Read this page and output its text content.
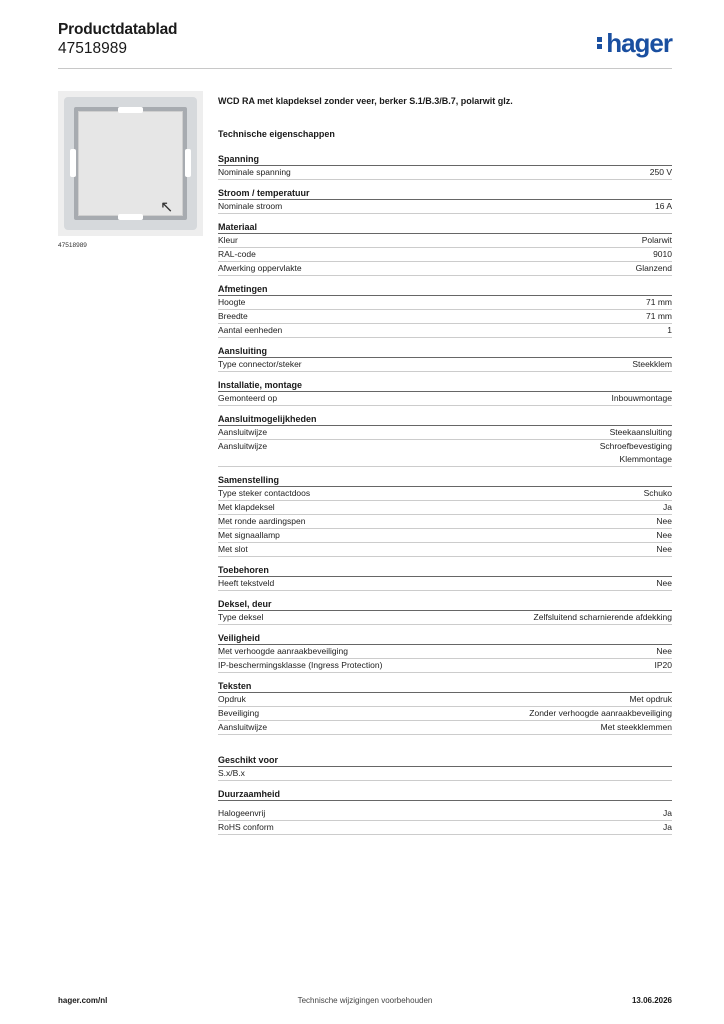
Productdatablad
47518989	hager
↖
47518989
WCD RA met klapdeksel zonder veer, berker S.1/B.3/B.7, polarwit glz.
Technische eigenschappen
Spanning
Nominale spanning	250 V
Stroom / temperatuur
Nominale stroom	16 A
Materiaal
Kleur	Polarwit
RAL-code	9010
Afwerking oppervlakte	Glanzend
Afmetingen
Hoogte	71 mm
Breedte	71 mm
Aantal eenheden	1
Aansluiting
Type connector/steker	Steekklem
Installatie, montage
Gemonteerd op	Inbouwmontage
Aansluitmogelijkheden
Aansluitwijze	Steekaansluiting
Aansluitwijze	Schroefbevestiging
Klemmontage
Samenstelling
Type steker contactdoos	Schuko
Met klapdeksel	Ja
Met ronde aardingspen	Nee
Met signaallamp	Nee
Met slot	Nee
Toebehoren
Heeft tekstveld	Nee
Deksel, deur
Type deksel	Zelfsluitend scharnierende afdekking
Veiligheid
Met verhoogde aanraakbeveiliging	Nee
IP-beschermingsklasse (Ingress Protection)	IP20
Teksten
Opdruk	Met opdruk
Beveiliging	Zonder verhoogde aanraakbeveiliging
Aansluitwijze	Met steekklemmen
Geschikt voor
S.x/B.x
Duurzaamheid
Halogeenvrij	Ja
RoHS conform	Ja
hager.com/nl	Technische wijzigingen voorbehouden	13.06.2026
